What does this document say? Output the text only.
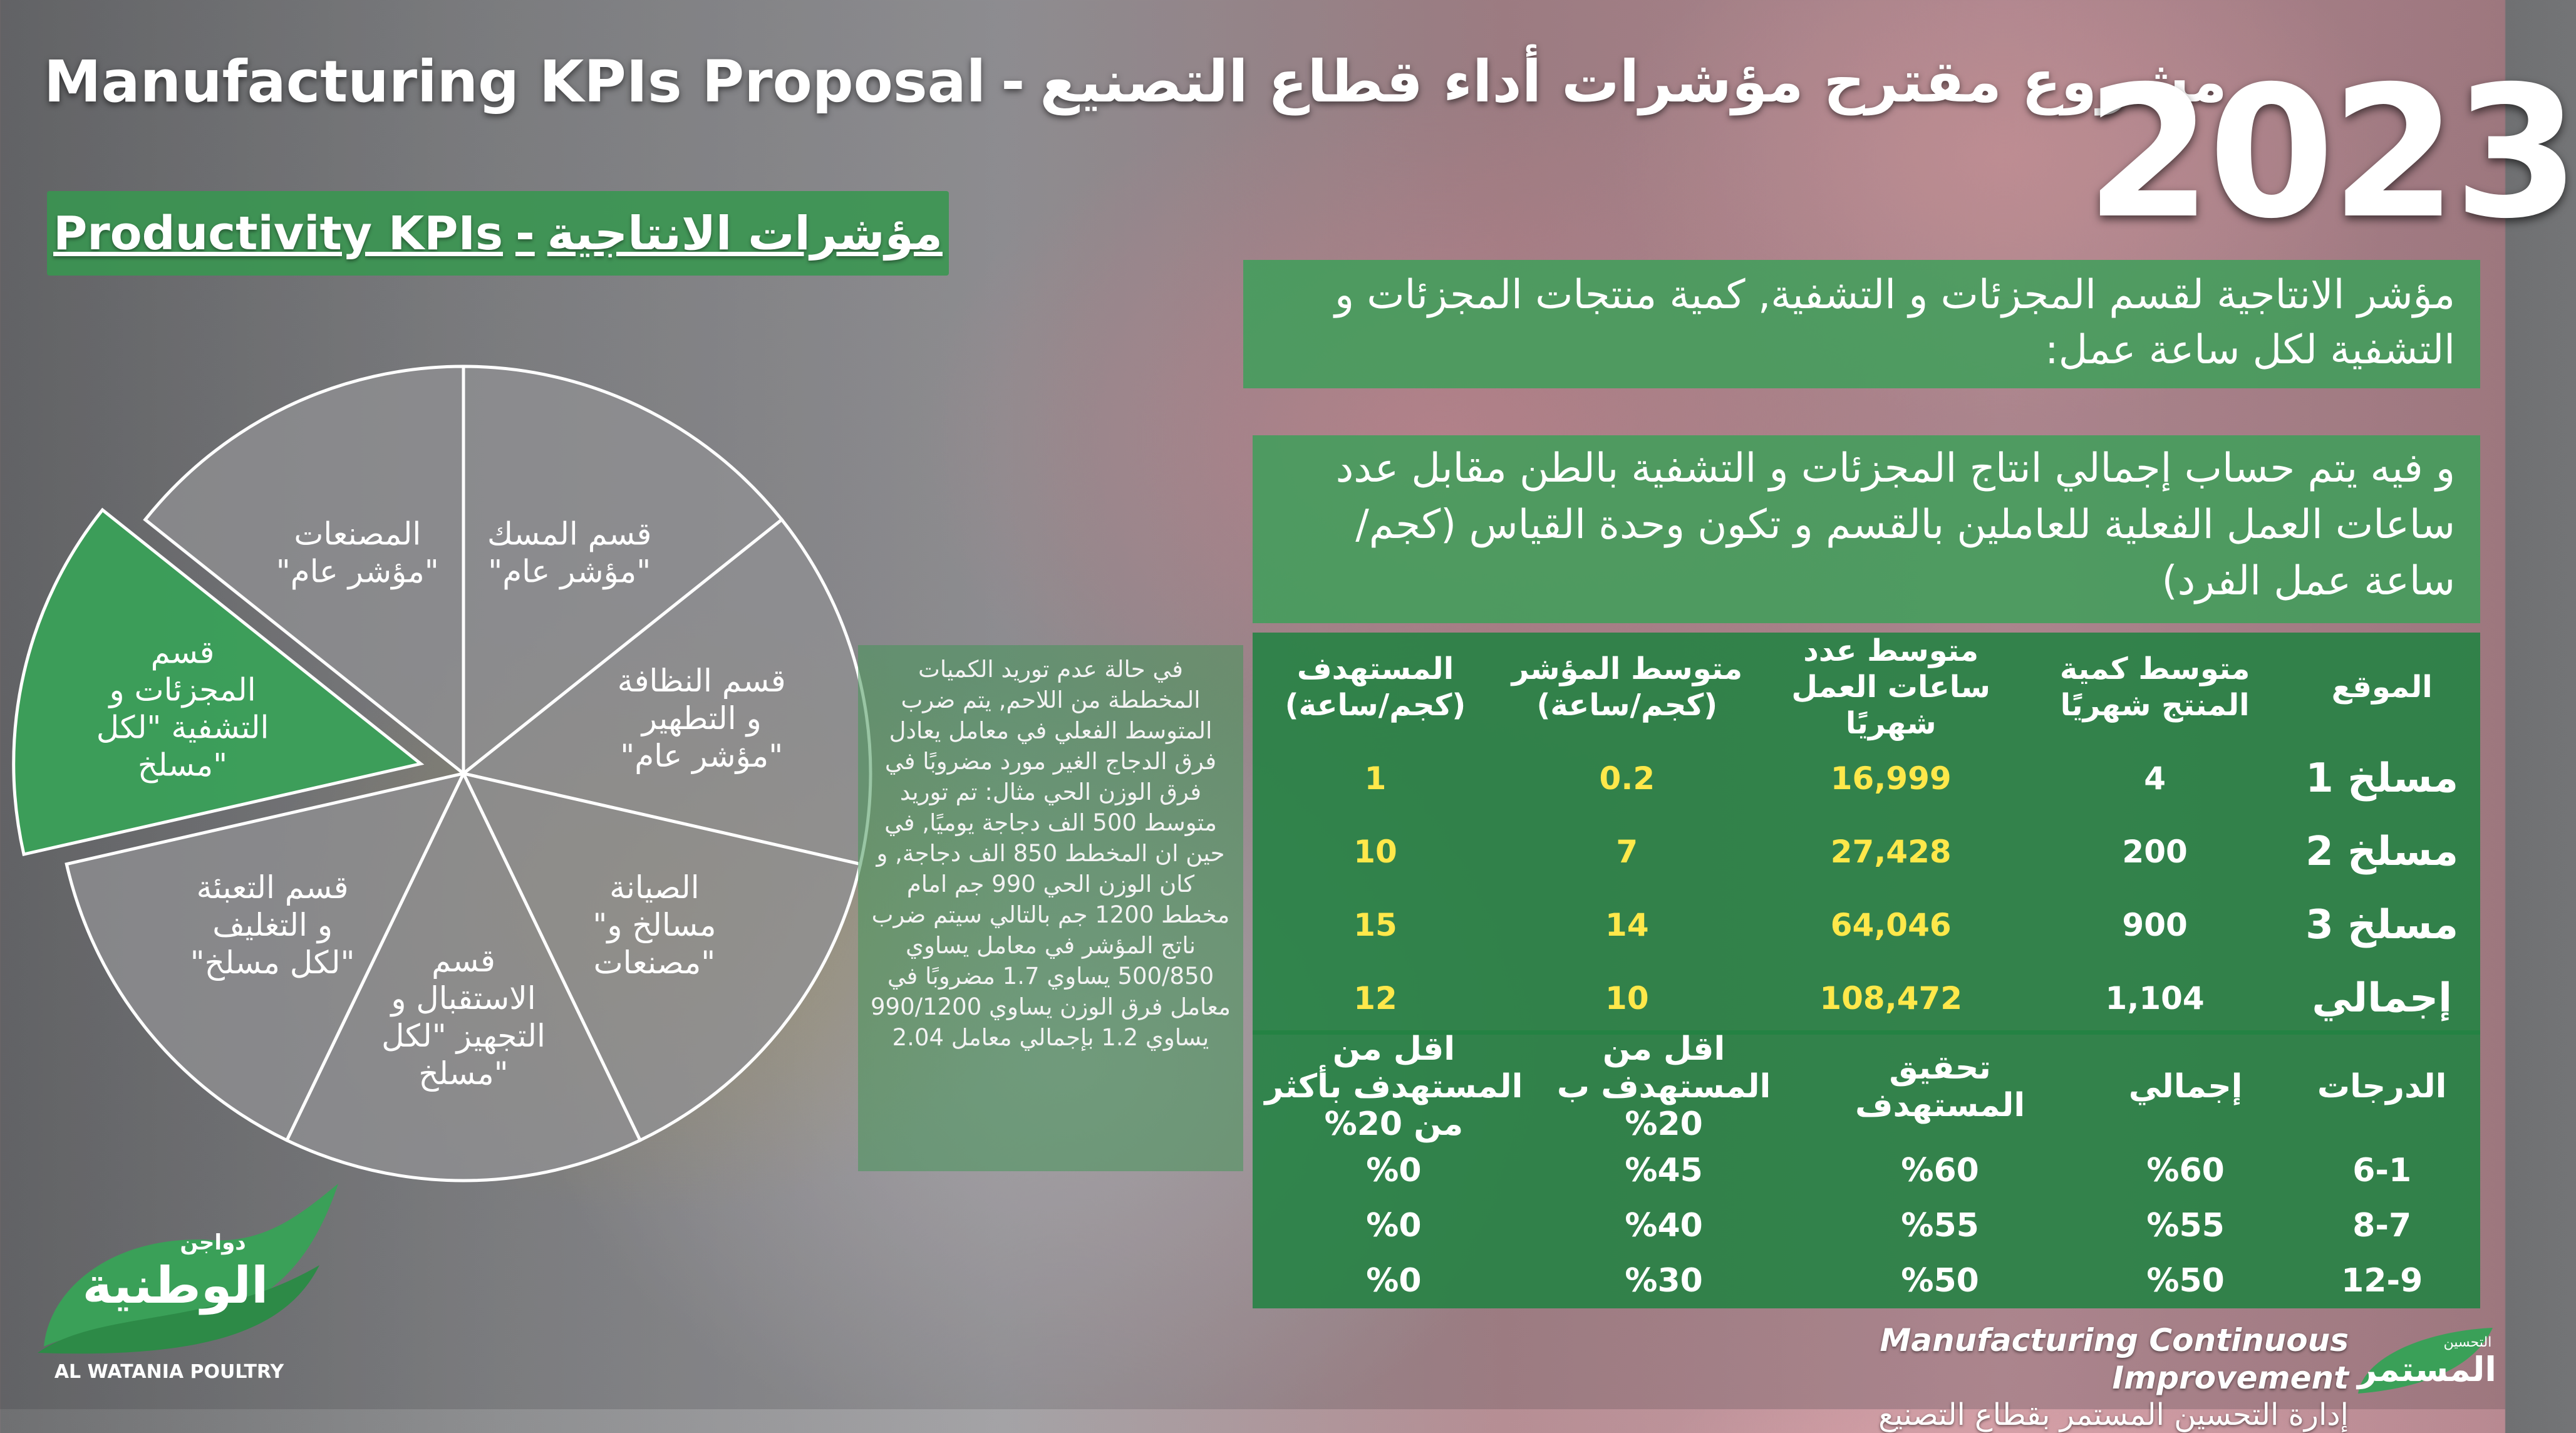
Manufacturing KPIs Proposal - مشروع مقترح مؤشرات أداء قطاع التصنيع
2023
Productivity KPIs - مؤشرات الانتاجية
قسم المسك "مؤشر عام"
قسم النظافة و التطهير "مؤشر عام"
الصيانة "مسالخ و مصنعات"
قسم الاستقبال و التجهيز "لكل مسلخ"
قسم التعبئة و التغليف "لكل مسلخ"
قسم المجزئات و التشفية "لكل مسلخ"
المصنعات "مؤشر عام"
مؤشر الانتاجية لقسم المجزئات و التشفية, كمية منتجات المجزئات و التشفية لكل ساعة عمل:
و فيه يتم حساب إجمالي انتاج المجزئات و التشفية بالطن مقابل عدد ساعات العمل الفعلية للعاملين بالقسم و تكون وحدة القياس (كجم/ساعة عمل الفرد)
في حالة عدم توريد الكميات المخططة من اللاحم, يتم ضرب المتوسط الفعلي في معامل يعادل فرق الدجاج الغير مورد مضروبًا في فرق الوزن الحي مثال: تم توريد متوسط 500 الف دجاجة يوميًا, في حين ان المخطط 850 الف دجاجة, و كان الوزن الحي 990 جم امام مخطط 1200 جم بالتالي سيتم ضرب ناتج المؤشر في معامل يساوي 500/850 يساوي 1.7 مضروبًا في معامل فرق الوزن يساوي 990/1200 يساوي 1.2 بإجمالي معامل 2.04
الموقع	متوسط كمية المنتج شهريًا	متوسط عدد ساعات العمل شهريًا	متوسط المؤشر (كجم/ساعة)	المستهدف (كجم/ساعة)
مسلخ 1	4	16,999	0.2	1
مسلخ 2	200	27,428	7	10
مسلخ 3	900	64,046	14	15
إجمالي	1,104	108,472	10	12
الدرجات	إجمالي	تحقيق المستهدف	اقل من المستهدف ب 20%	اقل من المستهدف بأكثر من 20%
6-1	%60	%60	%45	%0
8-7	%55	%55	%40	%0
12-9	%50	%50	%30	%0
دواجن
الوطنية
AL WATANIA POULTRY
Manufacturing Continuous Improvement
إدارة التحسين المستمر بقطاع التصنيع
التحسين
المستمر
